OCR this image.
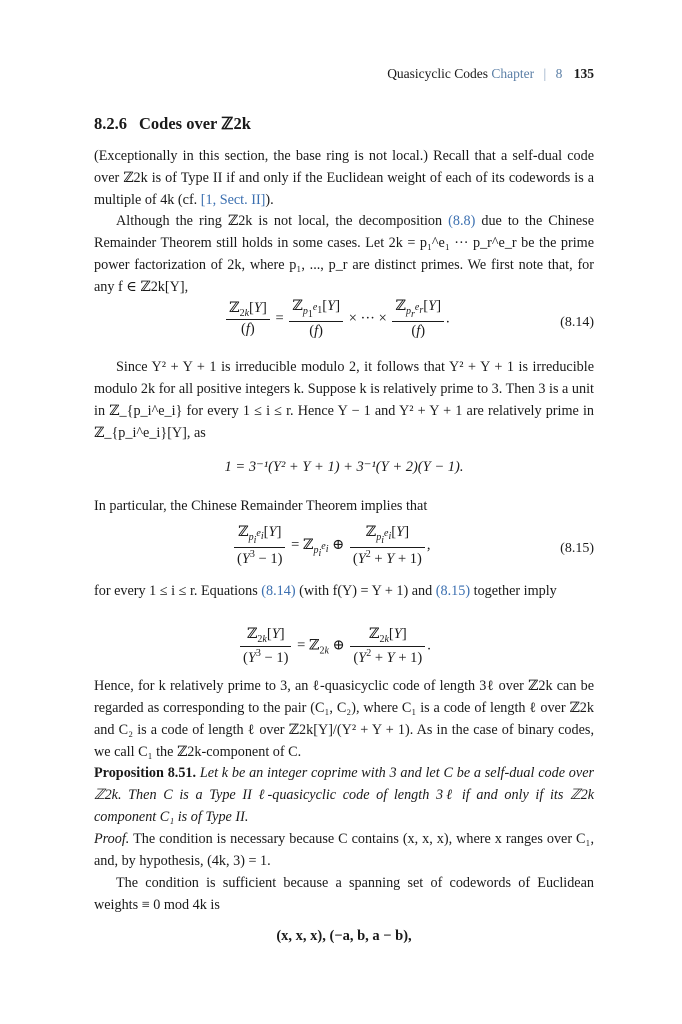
Quasicyclic Codes Chapter | 8 135
8.2.6 Codes over ℤ2k
(Exceptionally in this section, the base ring is not local.) Recall that a self-dual code over ℤ2k is of Type II if and only if the Euclidean weight of each of its codewords is a multiple of 4k (cf. [1, Sect. II]).
Although the ring ℤ2k is not local, the decomposition (8.8) due to the Chinese Remainder Theorem still holds in some cases. Let 2k = p₁^e₁ ··· p_r^e_r be the prime power factorization of 2k, where p₁, ..., p_r are distinct primes. We first note that, for any f ∈ ℤ2k[Y],
$\frac{ℤ_{2k}[Y]}{(f)} = \frac{ℤ_{p_1^{e_1}}[Y]}{(f)}$ × ··· × $\frac{ℤ_{p_r^{e_r}}[Y]}{(f)}$ .	(8.14)
Since Y² + Y + 1 is irreducible modulo 2, it follows that Y² + Y + 1 is irreducible modulo 2k for all positive integers k. Suppose k is relatively prime to 3. Then 3 is a unit in ℤ_{p_i^e_i} for every 1 ≤ i ≤ r. Hence Y − 1 and Y² + Y + 1 are relatively prime in ℤ_{p_i^e_i}[Y], as
1 = 3⁻¹(Y² + Y + 1) + 3⁻¹(Y + 2)(Y − 1).
In particular, the Chinese Remainder Theorem implies that
$\frac{ℤ_{p_i^{e_i}}[Y]}{(Y^3 - 1)}$ = ℤ$_{p_i^{e_i}}$ ⊕ $\frac{ℤ_{p_i^{e_i}}[Y]}{(Y^2 + Y + 1)}$ ,	(8.15)
for every 1 ≤ i ≤ r. Equations (8.14) (with f(Y) = Y + 1) and (8.15) together imply
$\frac{ℤ_{2k}[Y]}{(Y^3 - 1)}$ = ℤ$_{2k}$ ⊕ $\frac{ℤ_{2k}[Y]}{(Y^2 + Y + 1)}$ .
Hence, for k relatively prime to 3, an ℓ-quasicyclic code of length 3ℓ over ℤ2k can be regarded as corresponding to the pair (C₁, C₂), where C₁ is a code of length ℓ over ℤ2k and C₂ is a code of length ℓ over ℤ2k[Y]/(Y² + Y + 1). As in the case of binary codes, we call C₁ the ℤ2k-component of C.
Proposition 8.51. Let k be an integer coprime with 3 and let C be a self-dual code over ℤ2k. Then C is a Type II ℓ-quasicyclic code of length 3ℓ if and only if its ℤ2k component C₁ is of Type II.
Proof. The condition is necessary because C contains (x, x, x), where x ranges over C₁, and, by hypothesis, (4k, 3) = 1.
The condition is sufficient because a spanning set of codewords of Euclidean weights ≡ 0 mod 4k is
(x, x, x), (−a, b, a − b),
